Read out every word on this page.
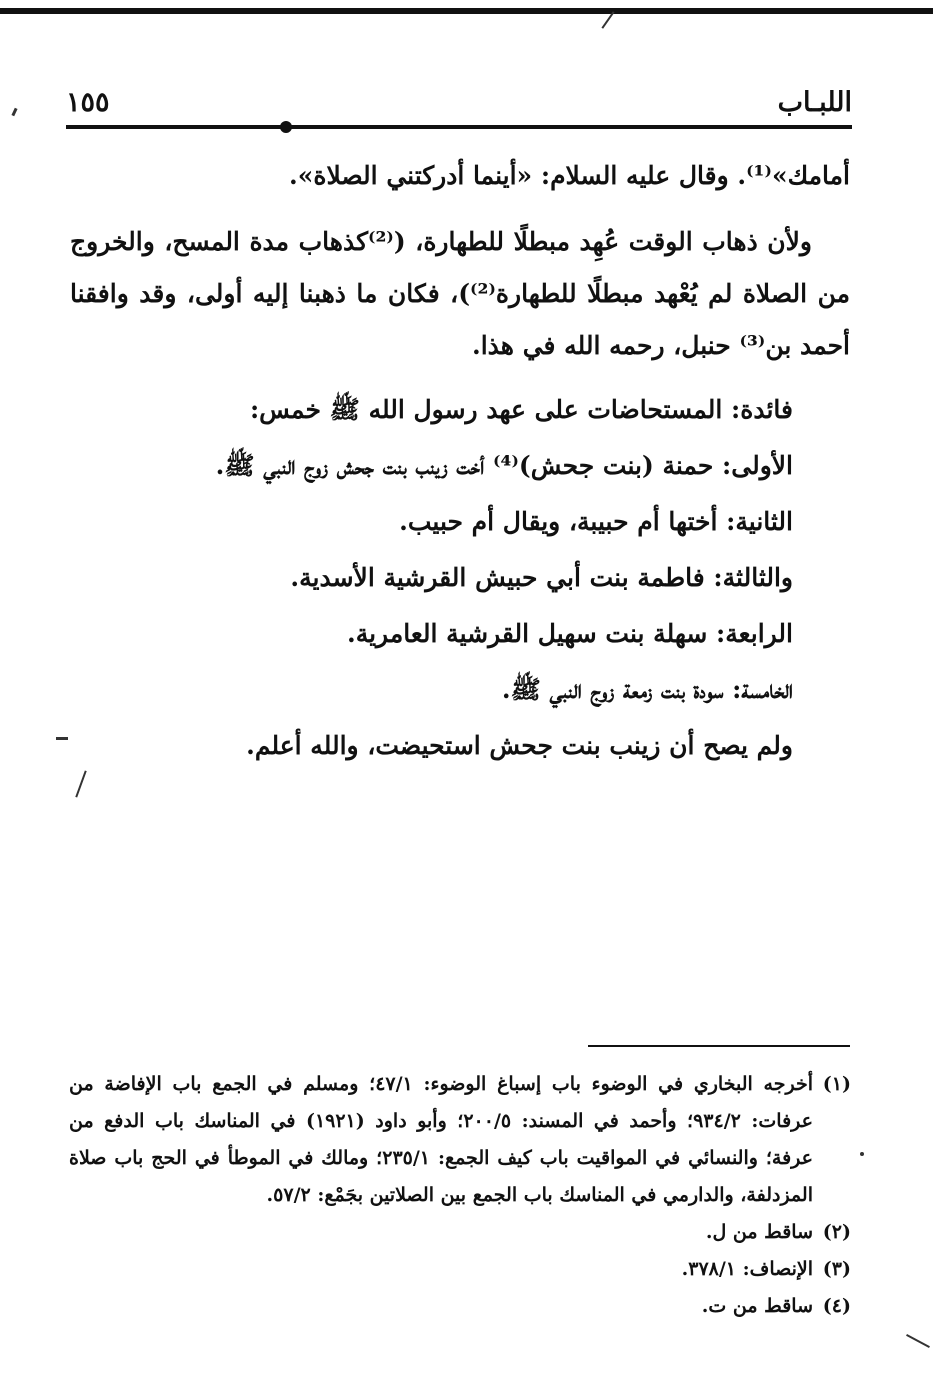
١٥٥	اللبـاب
أمامك»⁽¹⁾. وقال عليه السلام: «أينما أدركتني الصلاة».
ولأن ذهاب الوقت عُهِد مبطلًا للطهارة، (⁽²⁾كذهاب مدة المسح، والخروج من الصلاة لم يُعْهد مبطلًا للطهارة⁽²⁾)، فكان ما ذهبنا إليه أولى، وقد وافقنا أحمد بن⁽³⁾ حنبل، رحمه الله في هذا.
فائدة: المستحاضات على عهد رسول الله ﷺ خمس:
الأولى: حمنة (بنت جحش)⁽⁴⁾ أخت زينب بنت جحش زوج النبي ﷺ.
الثانية: أختها أم حبيبة، ويقال أم حبيب.
والثالثة: فاطمة بنت أبي حبيش القرشية الأسدية.
الرابعة: سهلة بنت سهيل القرشية العامرية.
الخامسة: سودة بنت زمعة زوج النبي ﷺ.
ولم يصح أن زينب بنت جحش استحيضت، والله أعلم.
(١)
أخرجه البخاري في الوضوء باب إسباغ الوضوء: ٤٧/١؛ ومسلم في الجمع باب الإفاضة من عرفات: ٩٣٤/٢؛ وأحمد في المسند: ٢٠٠/٥؛ وأبو داود (١٩٢١) في المناسك باب الدفع من عرفة؛ والنسائي في المواقيت باب كيف الجمع: ٢٣٥/١؛ ومالك في الموطأ في الحج باب صلاة المزدلفة، والدارمي في المناسك باب الجمع بين الصلاتين بجَمْع: ٥٧/٢.
(٢)
ساقط من ل.
(٣)
الإنصاف: ٣٧٨/١.
(٤)
ساقط من ت.
